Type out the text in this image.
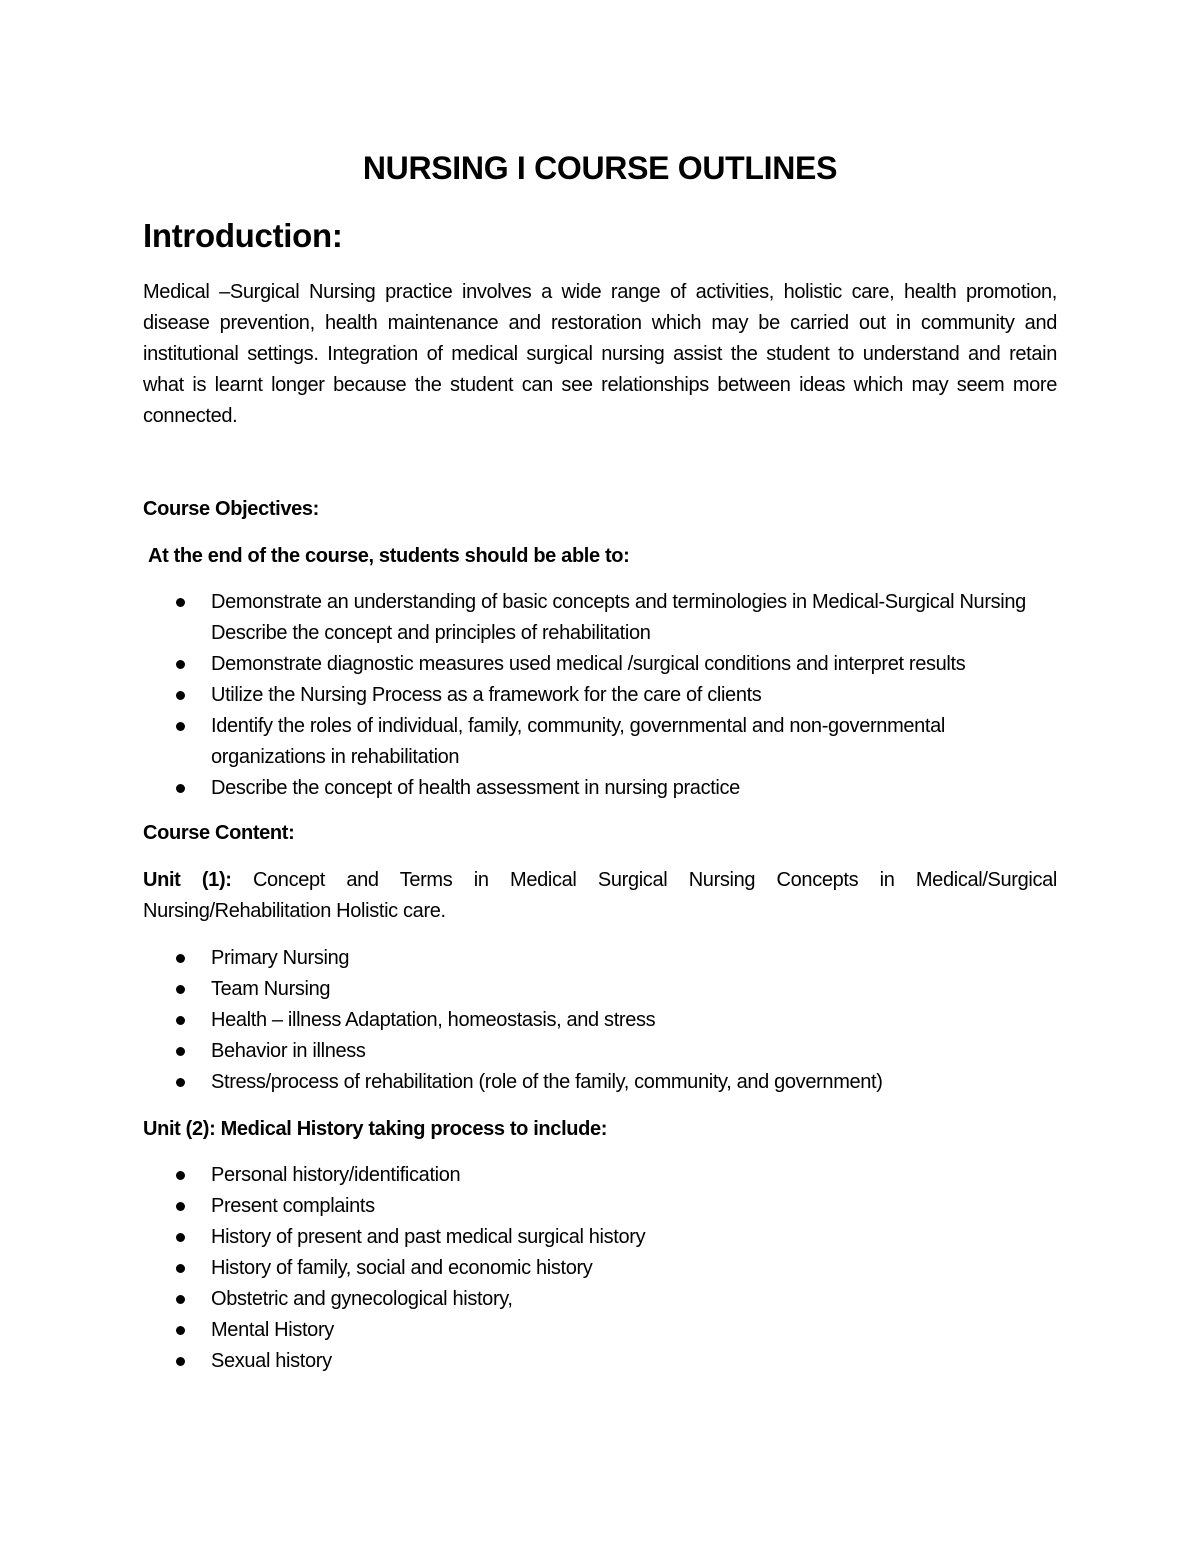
NURSING I COURSE OUTLINES
Introduction:

Medical –Surgical Nursing practice involves a wide range of activities, holistic care, health promotion, disease prevention, health maintenance and restoration which may be carried out in community and institutional settings. Integration of medical surgical nursing assist the student to understand and retain what is learnt longer because the student can see relationships between ideas which may seem more connected.

Course Objectives:
At the end of the course, students should be able to:
Demonstrate an understanding of basic concepts and terminologies in Medical-Surgical Nursing Describe the concept and principles of rehabilitation
Demonstrate diagnostic measures used medical /surgical conditions and interpret results
Utilize the Nursing Process as a framework for the care of clients
Identify the roles of individual, family, community, governmental and non-governmental organizations in rehabilitation
Describe the concept of health assessment in nursing practice
Course Content:

Unit (1): Concept and Terms in Medical Surgical Nursing Concepts in Medical/Surgical Nursing/Rehabilitation Holistic care.

Primary Nursing
Team Nursing
Health – illness Adaptation, homeostasis, and stress
Behavior in illness
Stress/process of rehabilitation (role of the family, community, and government)
Unit (2): Medical History taking process to include:
Personal history/identification
Present complaints
History of present and past medical surgical history
History of family, social and economic history
Obstetric and gynecological history,
Mental History
Sexual history
